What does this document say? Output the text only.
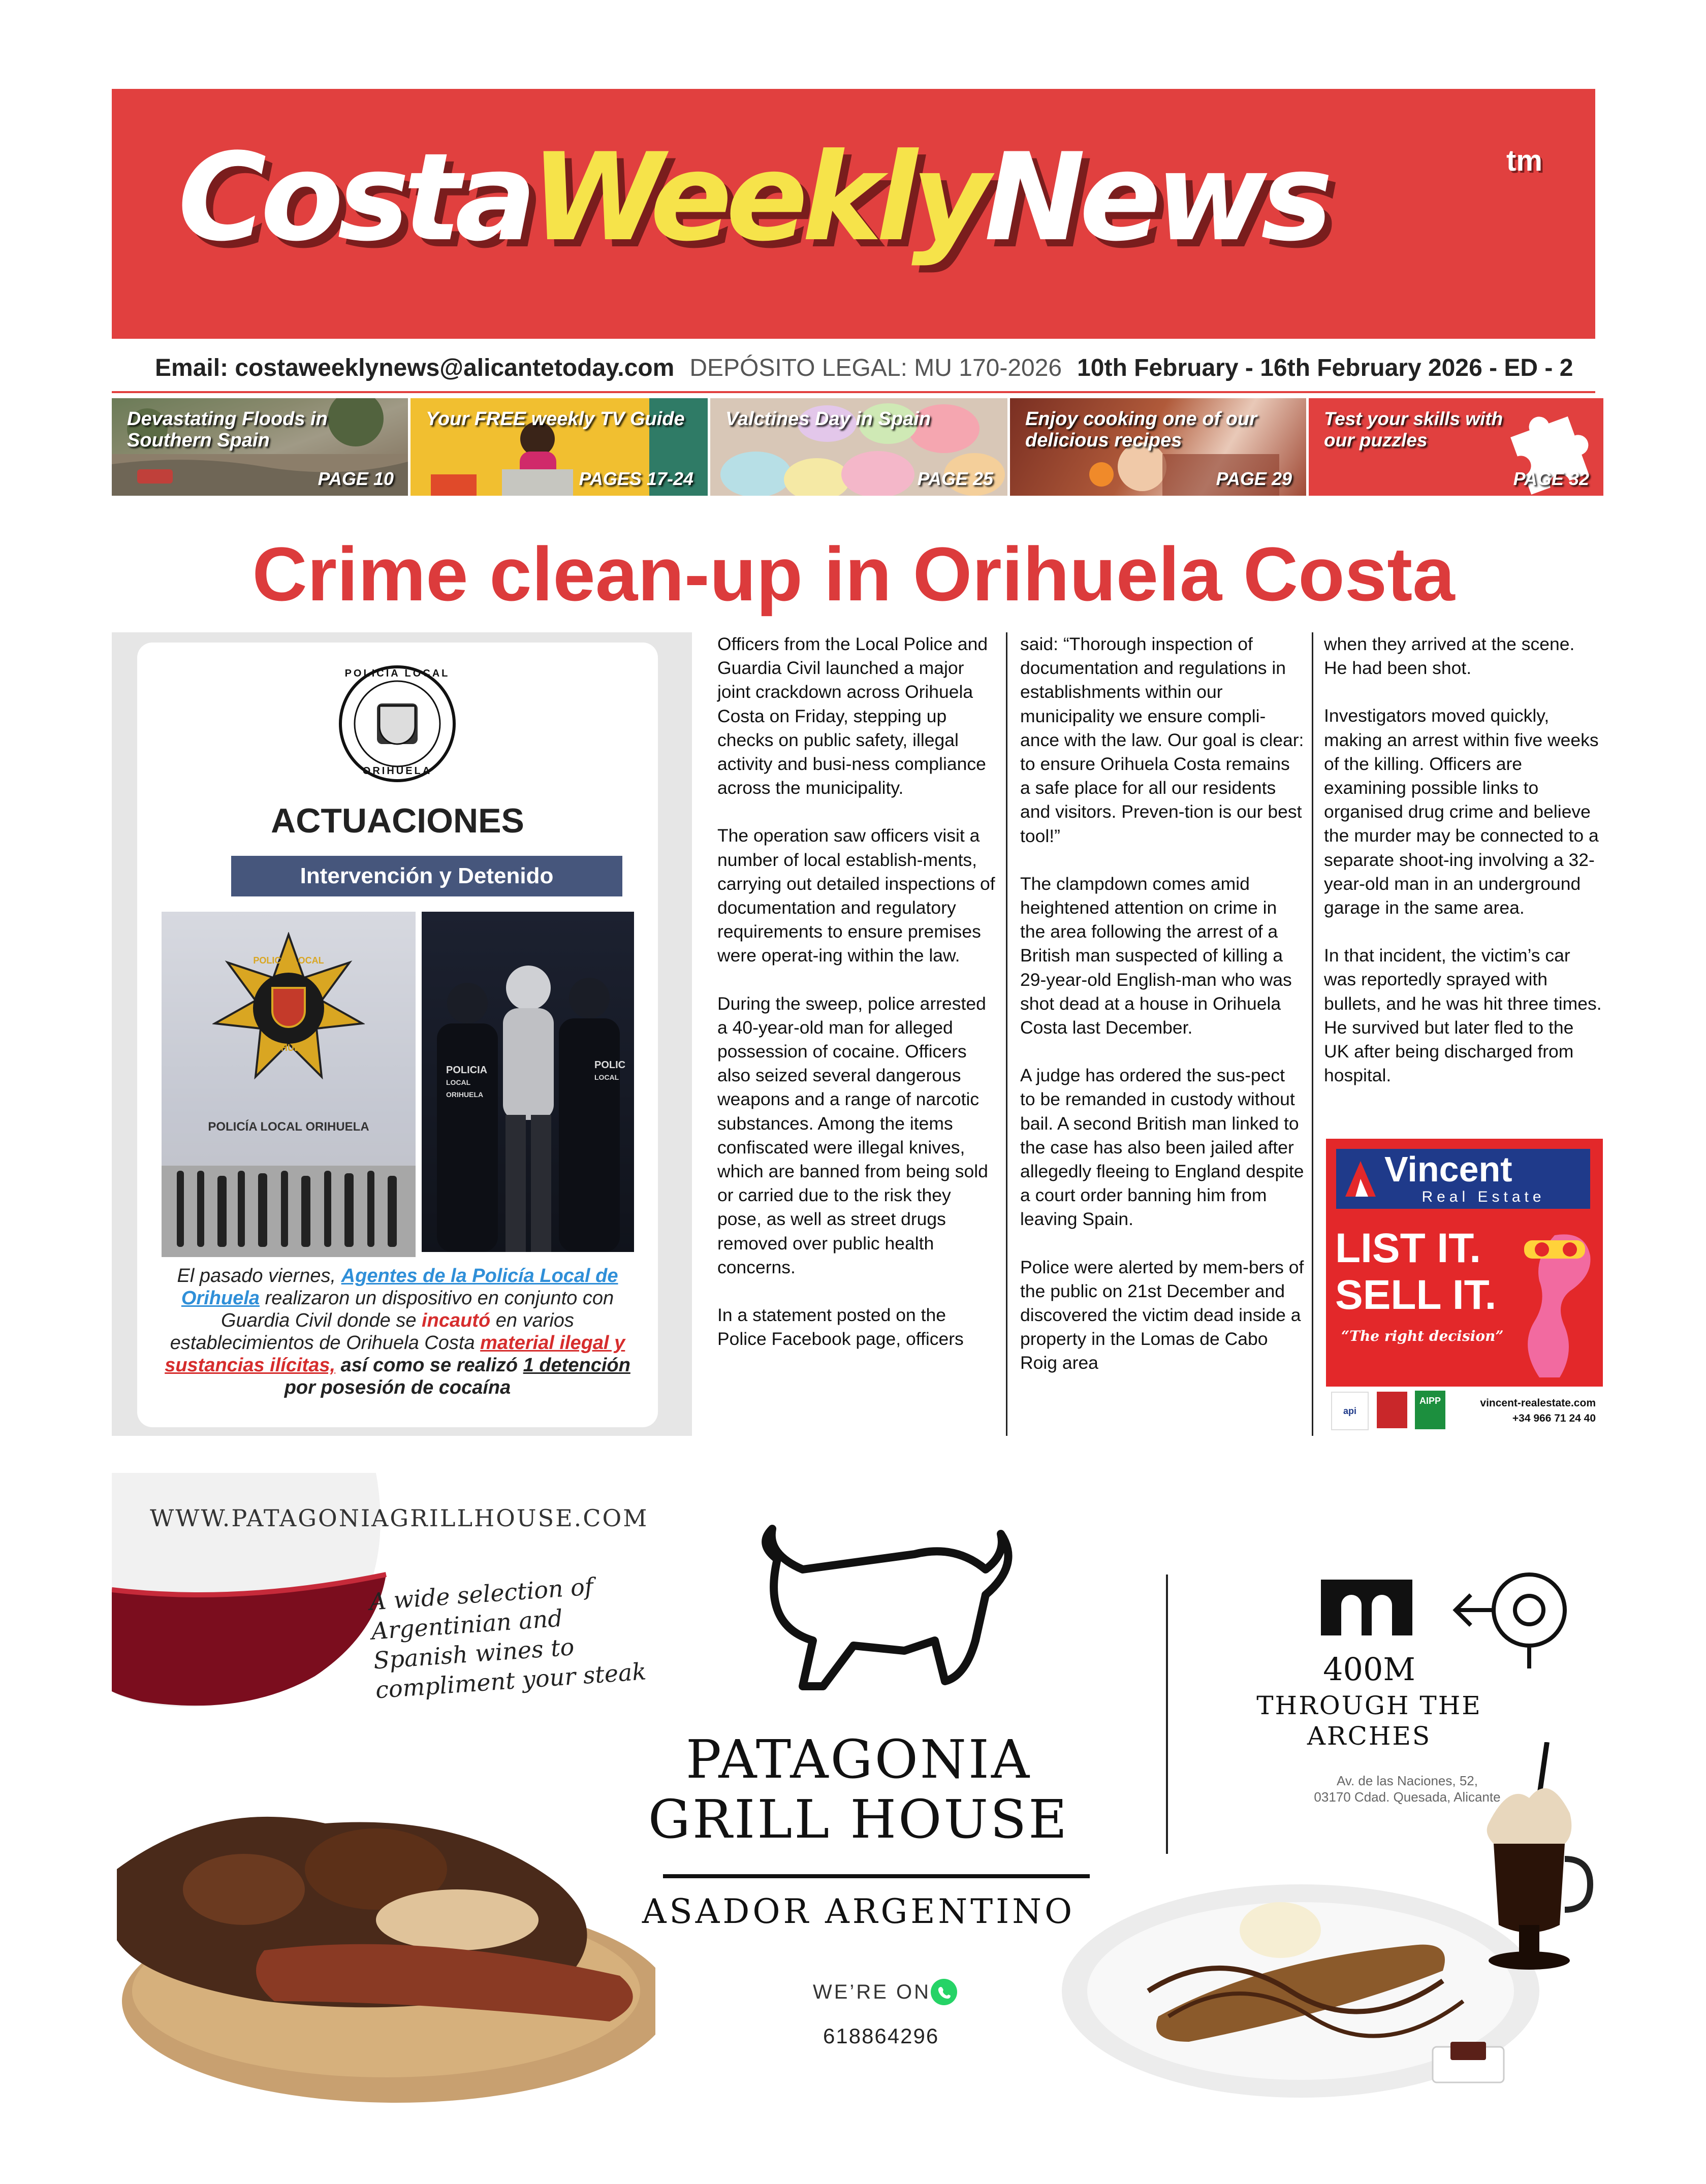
CostaWeeklyNews	tm
Email: costaweeklynews@alicantetoday.com DEPÓSITO LEGAL: MU 170-2026 10th February - 16th February 2026 - ED - 2
Devastating Floods in Southern Spain
PAGE 10
Your FREE weekly TV Guide
PAGES 17-24
Valctines Day in Spain
PAGE 25
Enjoy cooking one of our delicious recipes
PAGE 29
Test your skills with our puzzles
PAGE 32
Crime clean-up in Orihuela Costa
POLICIA LOCAL
ORIHUELA
ACTUACIONES
Intervención y Detenido
POLICIA LOCAL
ORIHUELA
POLICÍA LOCAL ORIHUELA
POLICIA
LOCAL
ORIHUELA
POLIC
LOCAL
El pasado viernes, Agentes de la Policía Local de Orihuela realizaron un dispositivo en conjunto con Guardia Civil donde se incautó en varios establecimientos de Orihuela Costa material ilegal y sustancias ilícitas, así como se realizó 1 detención por posesión de cocaína

Officers from the Local Police and Guardia Civil launched a major joint crackdown across Orihuela Costa on Friday, stepping up checks on public safety, illegal activity and busi-ness compliance across the municipality.

The operation saw officers visit a number of local establish-ments, carrying out detailed inspections of documentation and regulatory requirements to ensure premises were operat-ing within the law.

During the sweep, police arrested a 40-year-old man for alleged possession of cocaine. Officers also seized several dangerous weapons and a range of narcotic substances. Among the items confiscated were illegal knives, which are banned from being sold or carried due to the risk they pose, as well as street drugs removed over public health concerns.

In a statement posted on the Police Facebook page, officers

said: “Thorough inspection of documentation and regulations in establishments within our municipality we ensure compli-ance with the law. Our goal is clear: to ensure Orihuela Costa remains a safe place for all our residents and visitors. Preven-tion is our best tool!”

The clampdown comes amid heightened attention on crime in the area following the arrest of a British man suspected of killing a 29-year-old English-man who was shot dead at a house in Orihuela Costa last December.

A judge has ordered the sus-pect to be remanded in custody without bail. A second British man linked to the case has also been jailed after allegedly fleeing to England despite a court order banning him from leaving Spain.

Police were alerted by mem-bers of the public on 21st December and discovered the victim dead inside a property in the Lomas de Cabo Roig area

when they arrived at the scene. He had been shot.

Investigators moved quickly, making an arrest within five weeks of the killing. Officers are examining possible links to organised drug crime and believe the murder may be connected to a separate shoot-ing involving a 32-year-old man in an underground garage in the same area.

In that incident, the victim’s car was reportedly sprayed with bullets, and he was hit three times. He survived but later fled to the UK after being discharged from hospital.

Vincent
Real Estate
LIST IT.
SELL IT.
“The right decision”
api
AIPP	vincent-realestate.com
+34 966 71 24 40
WWW.PATAGONIAGRILLHOUSE.COM
A wide selection of Argentinian and Spanish wines to compliment your steak
PATAGONIA
GRILL HOUSE
ASADOR ARGENTINO
WE’RE ON
618864296
400M
THROUGH THE
ARCHES
Av. de las Naciones, 52,
03170 Cdad. Quesada, Alicante
